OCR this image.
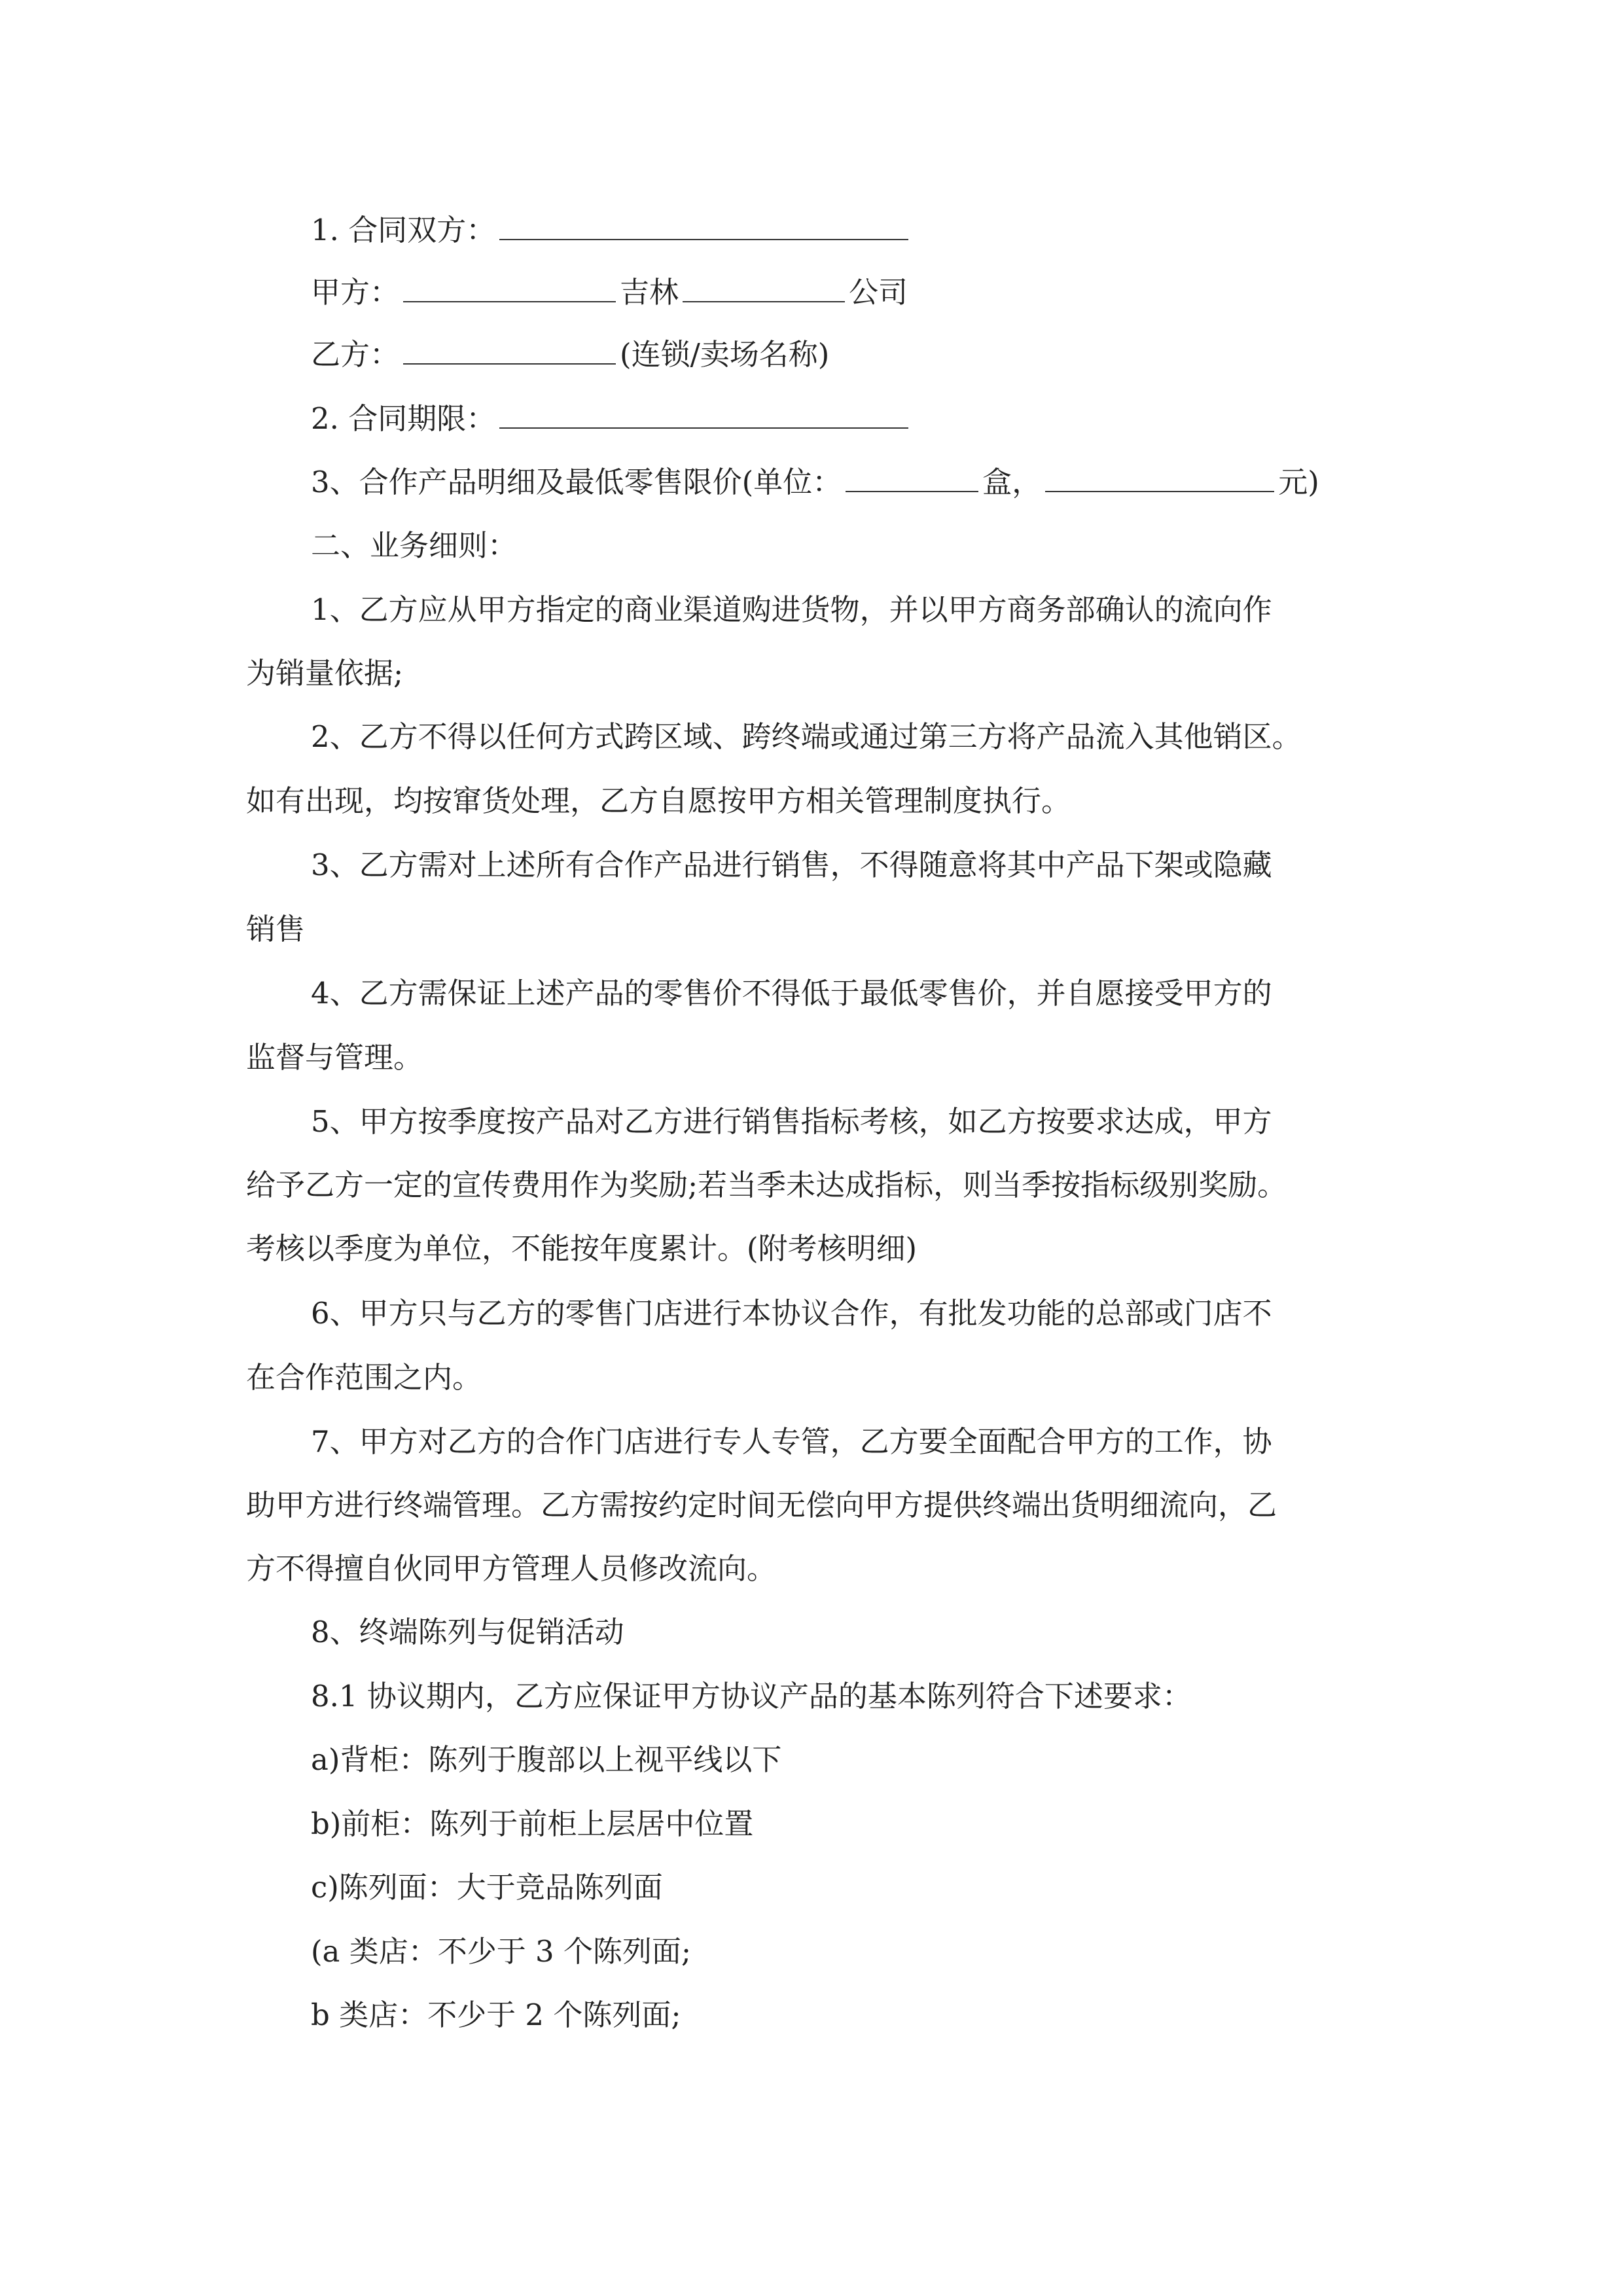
1. 合同双方：
甲方：	吉林	公司
乙方：	(连锁/卖场名称)
2. 合同期限：
3、合作产品明细及最低零售限价(单位：	盒，	元)
二、业务细则：
1、乙方应从甲方指定的商业渠道购进货物，并以甲方商务部确认的流向作
为销量依据;
2、乙方不得以任何方式跨区域、跨终端或通过第三方将产品流入其他销区。
如有出现，均按窜货处理，乙方自愿按甲方相关管理制度执行。
3、乙方需对上述所有合作产品进行销售，不得随意将其中产品下架或隐藏
销售
4、乙方需保证上述产品的零售价不得低于最低零售价，并自愿接受甲方的
监督与管理。
5、甲方按季度按产品对乙方进行销售指标考核，如乙方按要求达成，甲方
给予乙方一定的宣传费用作为奖励;若当季未达成指标，则当季按指标级别奖励。
考核以季度为单位，不能按年度累计。(附考核明细)
6、甲方只与乙方的零售门店进行本协议合作，有批发功能的总部或门店不
在合作范围之内。
7、甲方对乙方的合作门店进行专人专管，乙方要全面配合甲方的工作，协
助甲方进行终端管理。乙方需按约定时间无偿向甲方提供终端出货明细流向，乙
方不得擅自伙同甲方管理人员修改流向。
8、终端陈列与促销活动
8.1 协议期内，乙方应保证甲方协议产品的基本陈列符合下述要求：
a)背柜：陈列于腹部以上视平线以下
b)前柜：陈列于前柜上层居中位置
c)陈列面：大于竞品陈列面
(a 类店：不少于 3 个陈列面;
b 类店：不少于 2 个陈列面;
